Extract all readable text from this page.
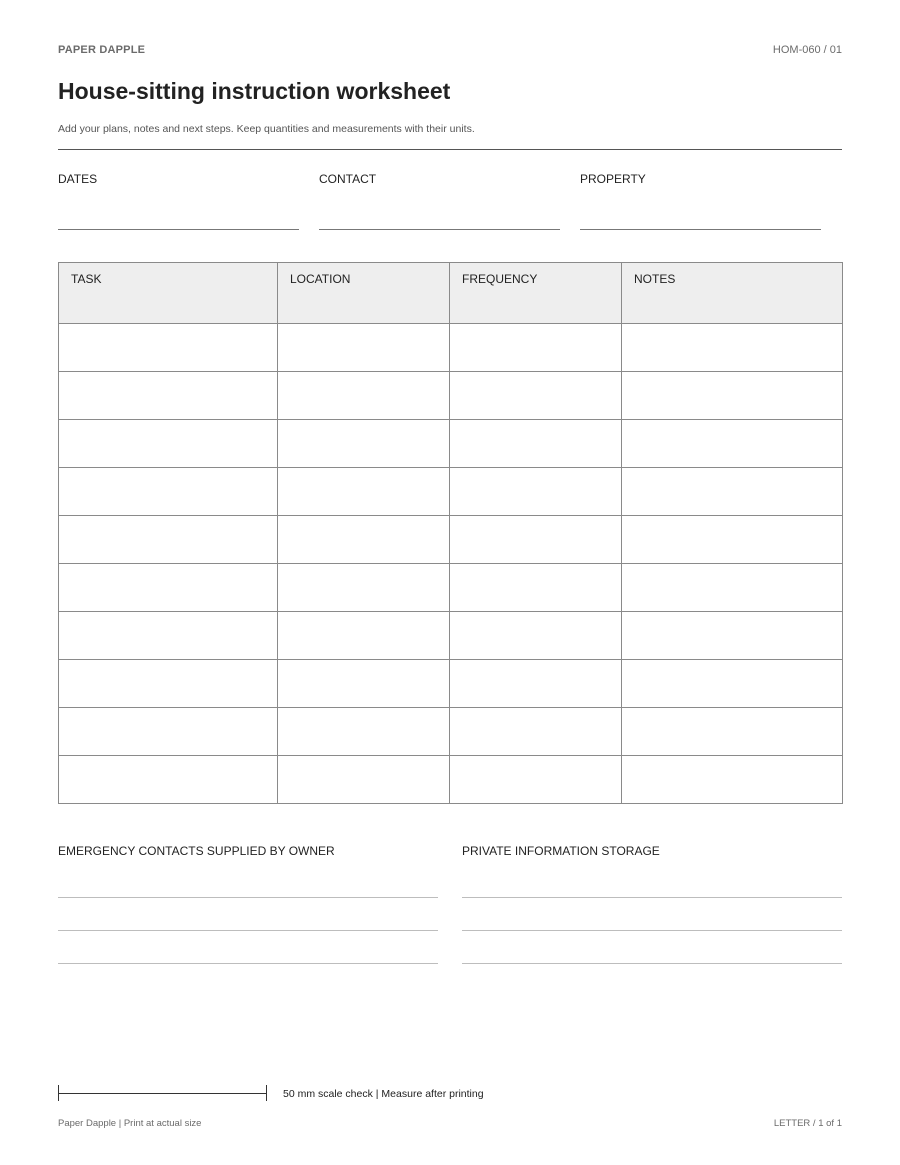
PAPER DAPPLE	HOM-060 / 01
House-sitting instruction worksheet
Add your plans, notes and next steps. Keep quantities and measurements with their units.
DATES	CONTACT	PROPERTY
TASK	LOCATION	FREQUENCY	NOTES

EMERGENCY CONTACTS SUPPLIED BY OWNER	PRIVATE INFORMATION STORAGE
50 mm scale check | Measure after printing
Paper Dapple | Print at actual size	LETTER / 1 of 1
